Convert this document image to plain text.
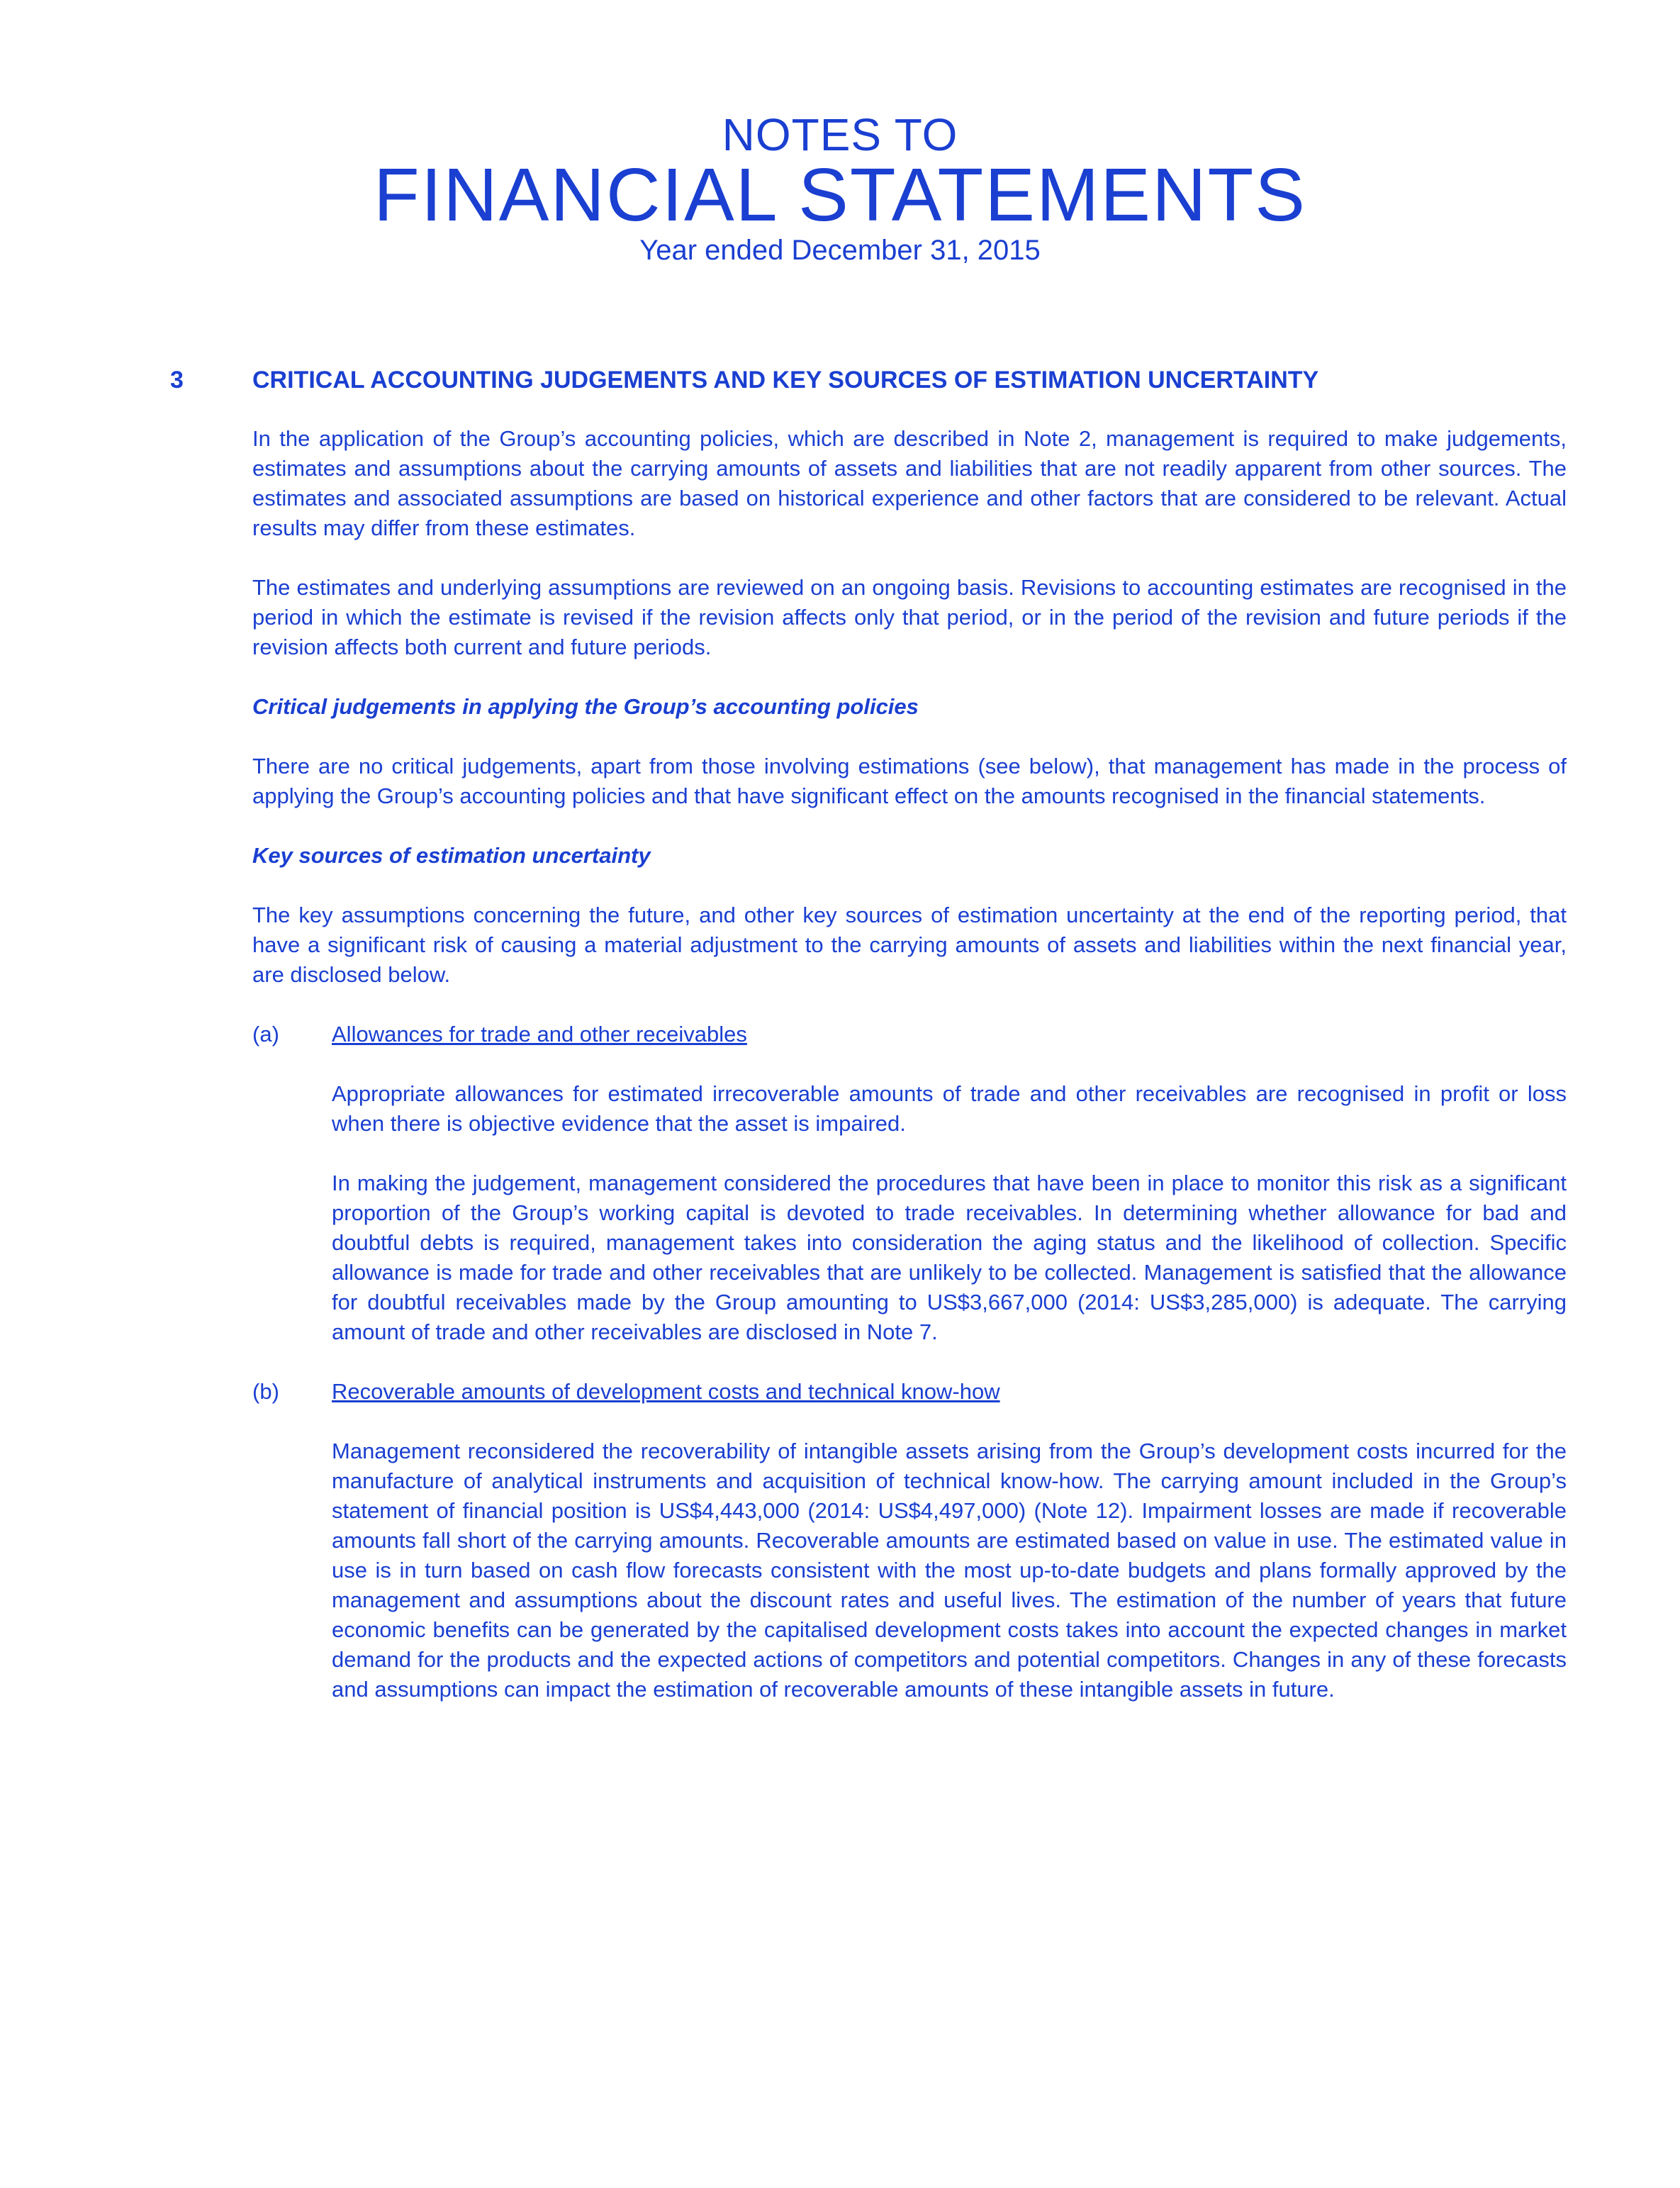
NOTES TO
FINANCIAL STATEMENTS
Year ended December 31, 2015
3	CRITICAL ACCOUNTING JUDGEMENTS AND KEY SOURCES OF ESTIMATION UNCERTAINTY

In the application of the Group’s accounting policies, which are described in Note 2, management is required to make judgements, estimates and assumptions about the carrying amounts of assets and liabilities that are not readily apparent from other sources. The estimates and associated assumptions are based on historical experience and other factors that are considered to be relevant. Actual results may differ from these estimates.

The estimates and underlying assumptions are reviewed on an ongoing basis. Revisions to accounting estimates are recognised in the period in which the estimate is revised if the revision affects only that period, or in the period of the revision and future periods if the revision affects both current and future periods.

Critical judgements in applying the Group’s accounting policies

There are no critical judgements, apart from those involving estimations (see below), that management has made in the process of applying the Group’s accounting policies and that have significant effect on the amounts recognised in the financial statements.

Key sources of estimation uncertainty

The key assumptions concerning the future, and other key sources of estimation uncertainty at the end of the reporting period, that have a significant risk of causing a material adjustment to the carrying amounts of assets and liabilities within the next financial year, are disclosed below.

(a) Allowances for trade and other receivables

Appropriate allowances for estimated irrecoverable amounts of trade and other receivables are recognised in profit or loss when there is objective evidence that the asset is impaired.

In making the judgement, management considered the procedures that have been in place to monitor this risk as a significant proportion of the Group’s working capital is devoted to trade receivables. In determining whether allowance for bad and doubtful debts is required, management takes into consideration the aging status and the likelihood of collection. Specific allowance is made for trade and other receivables that are unlikely to be collected. Management is satisfied that the allowance for doubtful receivables made by the Group amounting to US$3,667,000 (2014: US$3,285,000) is adequate. The carrying amount of trade and other receivables are disclosed in Note 7.

(b) Recoverable amounts of development costs and technical know-how

Management reconsidered the recoverability of intangible assets arising from the Group’s development costs incurred for the manufacture of analytical instruments and acquisition of technical know-how. The carrying amount included in the Group’s statement of financial position is US$4,443,000 (2014: US$4,497,000) (Note 12). Impairment losses are made if recoverable amounts fall short of the carrying amounts. Recoverable amounts are estimated based on value in use. The estimated value in use is in turn based on cash flow forecasts consistent with the most up-to-date budgets and plans formally approved by the management and assumptions about the discount rates and useful lives. The estimation of the number of years that future economic benefits can be generated by the capitalised development costs takes into account the expected changes in market demand for the products and the expected actions of competitors and potential competitors. Changes in any of these forecasts and assumptions can impact the estimation of recoverable amounts of these intangible assets in future.
